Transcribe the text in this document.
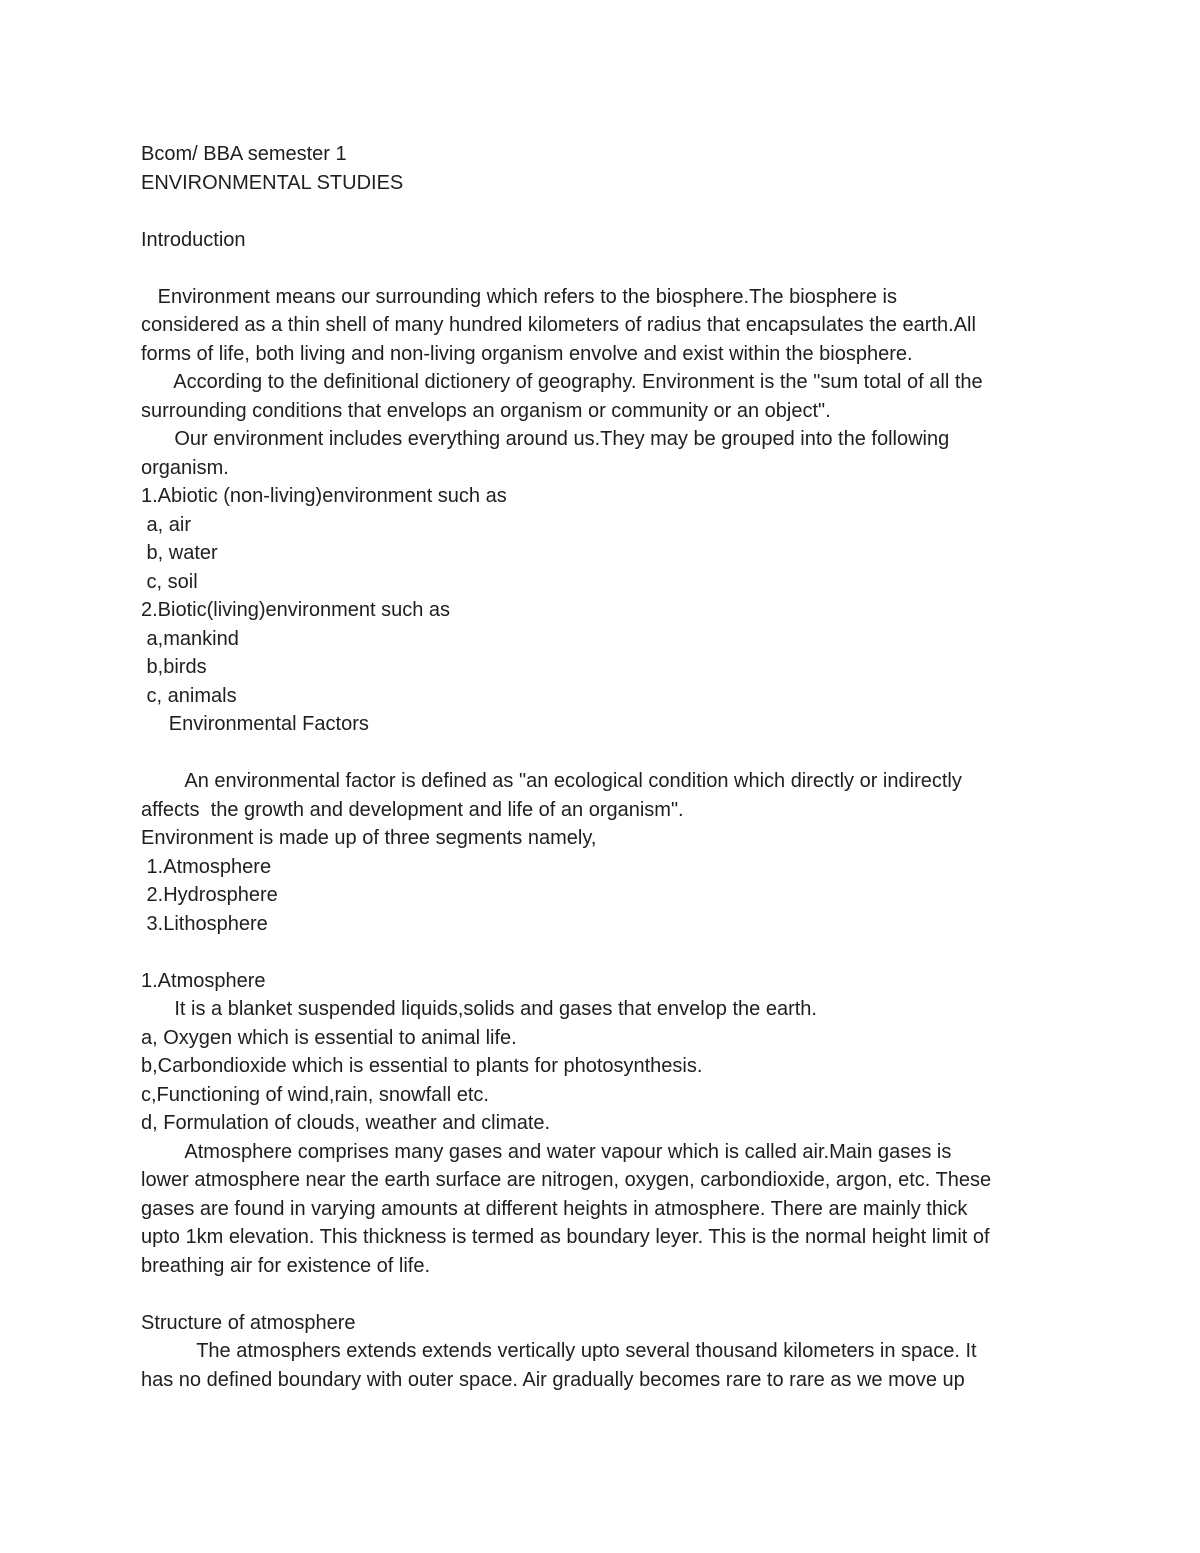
Bcom/ BBA semester 1
ENVIRONMENTAL STUDIES
Introduction
Environment means our surrounding which refers to the biosphere.The biosphere is
considered as a thin shell of many hundred kilometers of radius that encapsulates the earth.All
forms of life, both living and non-living organism envolve and exist within the biosphere.
According to the definitional dictionery of geography. Environment is the "sum total of all the
surrounding conditions that envelops an organism or community or an object".
Our environment includes everything around us.They may be grouped into the following
organism.
1.Abiotic (non-living)environment such as
a, air
b, water
c, soil
2.Biotic(living)environment such as
a,mankind
b,birds
c, animals
Environmental Factors
An environmental factor is defined as "an ecological condition which directly or indirectly
affects  the growth and development and life of an organism".
Environment is made up of three segments namely,
1.Atmosphere
2.Hydrosphere
3.Lithosphere
1.Atmosphere
It is a blanket suspended liquids,solids and gases that envelop the earth.
a, Oxygen which is essential to animal life.
b,Carbondioxide which is essential to plants for photosynthesis.
c,Functioning of wind,rain, snowfall etc.
d, Formulation of clouds, weather and climate.
Atmosphere comprises many gases and water vapour which is called air.Main gases is
lower atmosphere near the earth surface are nitrogen, oxygen, carbondioxide, argon, etc. These
gases are found in varying amounts at different heights in atmosphere. There are mainly thick
upto 1km elevation. This thickness is termed as boundary leyer. This is the normal height limit of
breathing air for existence of life.
Structure of atmosphere
The atmosphers extends extends vertically upto several thousand kilometers in space. It
has no defined boundary with outer space. Air gradually becomes rare to rare as we move up
